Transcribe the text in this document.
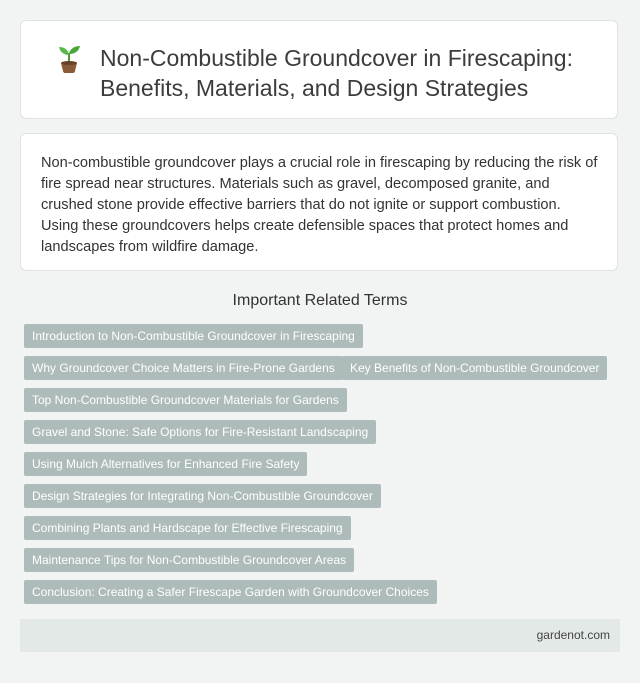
Non-Combustible Groundcover in Firescaping: Benefits, Materials, and Design Strategies

Non-combustible groundcover plays a crucial role in firescaping by reducing the risk of fire spread near structures. Materials such as gravel, decomposed granite, and crushed stone provide effective barriers that do not ignite or support combustion. Using these groundcovers helps create defensible spaces that protect homes and landscapes from wildfire damage.

Important Related Terms
Introduction to Non-Combustible Groundcover in Firescaping
Why Groundcover Choice Matters in Fire-Prone Gardens	Key Benefits of Non-Combustible Groundcover
Top Non-Combustible Groundcover Materials for Gardens
Gravel and Stone: Safe Options for Fire-Resistant Landscaping
Using Mulch Alternatives for Enhanced Fire Safety
Design Strategies for Integrating Non-Combustible Groundcover
Combining Plants and Hardscape for Effective Firescaping
Maintenance Tips for Non-Combustible Groundcover Areas
Conclusion: Creating a Safer Firescape Garden with Groundcover Choices
gardenot.com
